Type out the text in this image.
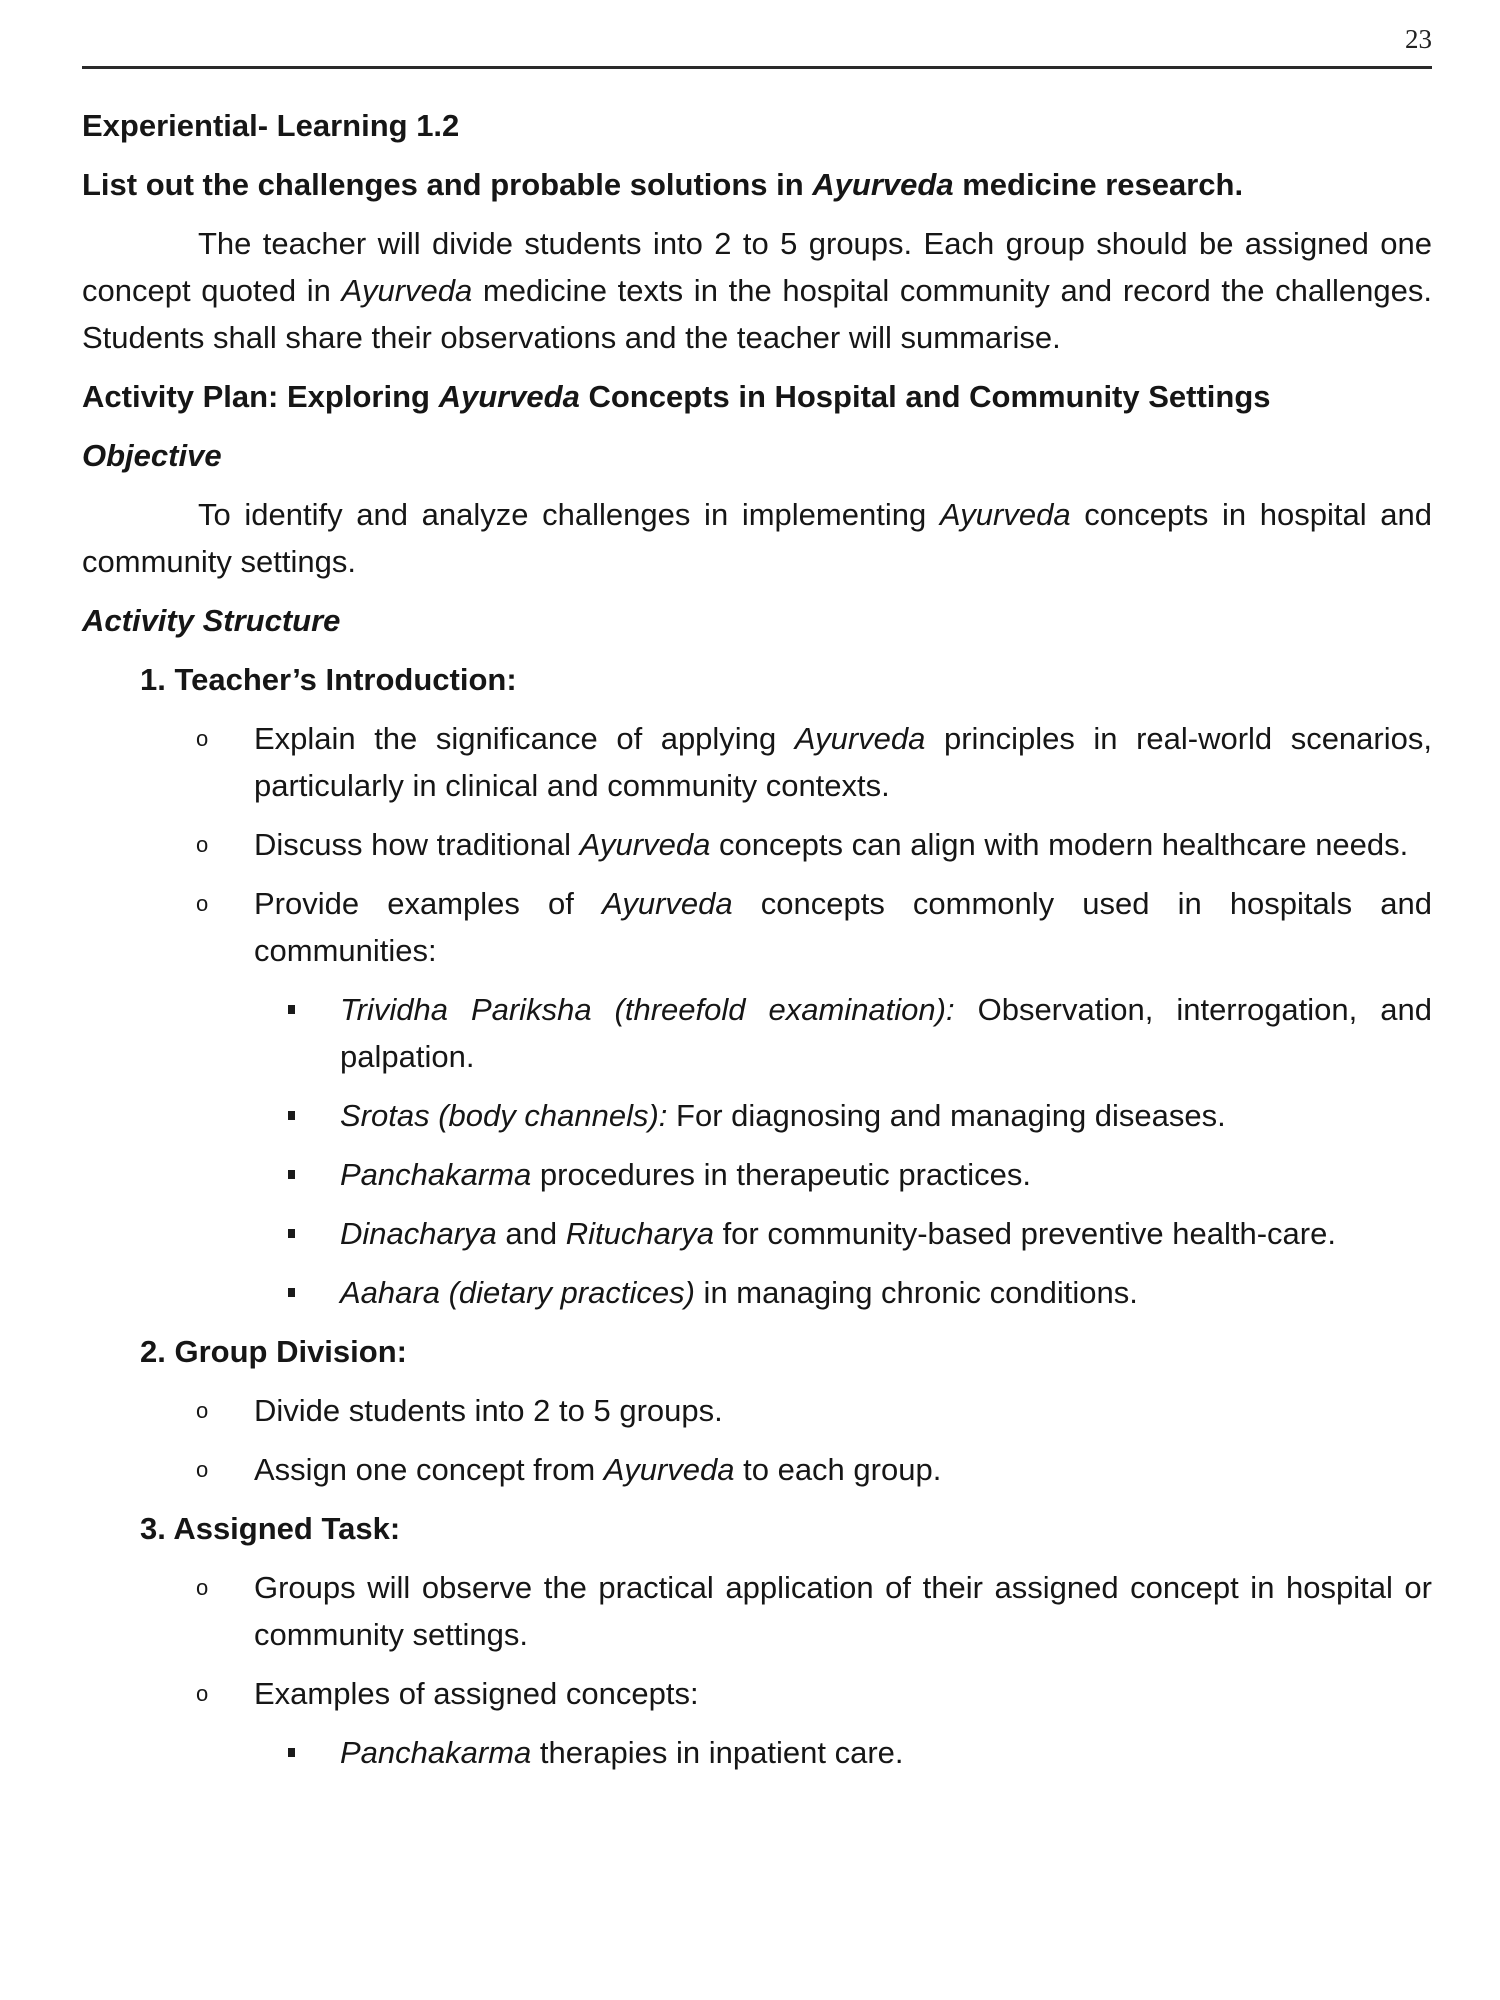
23
Experiential- Learning 1.2
List out the challenges and probable solutions in Ayurveda medicine research.
The teacher will divide students into 2 to 5 groups. Each group should be assigned one concept quoted in Ayurveda medicine texts in the hospital community and record the challenges. Students shall share their observations and the teacher will summarise.
Activity Plan: Exploring Ayurveda Concepts in Hospital and Community Settings
Objective
To identify and analyze challenges in implementing Ayurveda concepts in hospital and community settings.
Activity Structure
1. Teacher’s Introduction:
o Explain the significance of applying Ayurveda principles in real-world scenarios, particularly in clinical and community contexts.
o Discuss how traditional Ayurveda concepts can align with modern healthcare needs.
o Provide examples of Ayurveda concepts commonly used in hospitals and communities:
Trividha Pariksha (threefold examination): Observation, interrogation, and palpation.
Srotas (body channels): For diagnosing and managing diseases.
Panchakarma procedures in therapeutic practices.
Dinacharya and Ritucharya for community-based preventive health-care.
Aahara (dietary practices) in managing chronic conditions.
2. Group Division:
o Divide students into 2 to 5 groups.
o Assign one concept from Ayurveda to each group.
3. Assigned Task:
o Groups will observe the practical application of their assigned concept in hospital or community settings.
o Examples of assigned concepts:
Panchakarma therapies in inpatient care.
